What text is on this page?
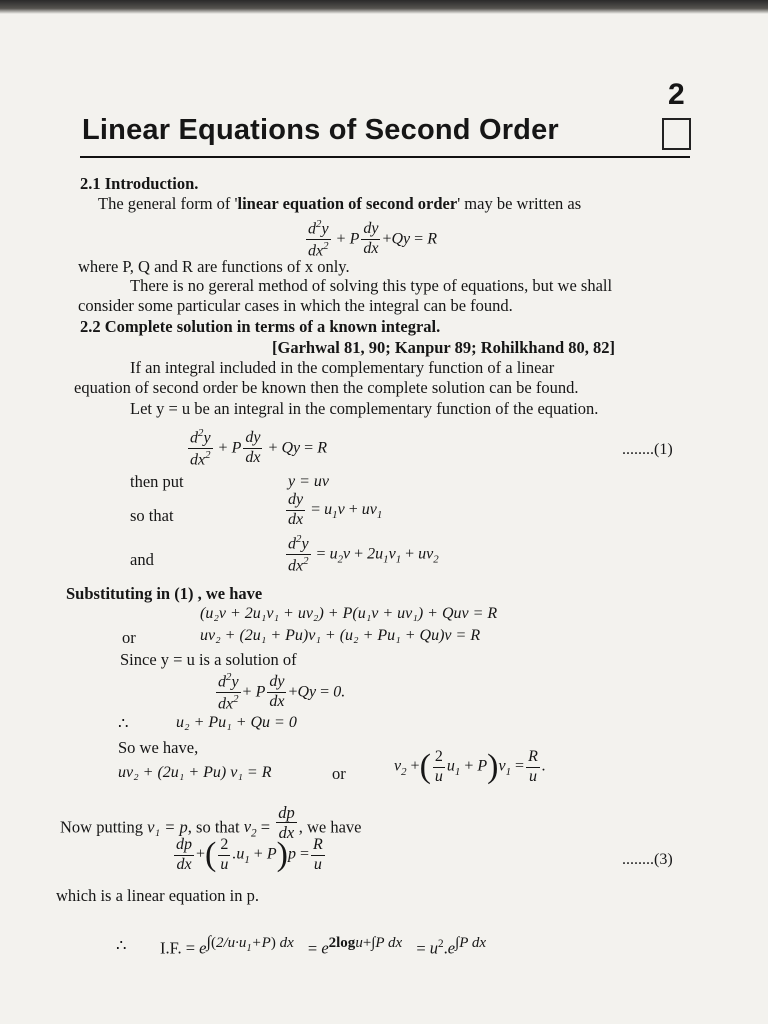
2
Linear Equations of Second Order
2.1 Introduction.
The general form of 'linear equation of second order' may be written as
$\frac{d^2y}{dx^2} + P \frac{dy}{dx} +Qy = R$
where P, Q and R are functions of x only.
There is no gereral method of solving this type of equations, but we shall
consider some particular cases in which the integral can be found.
2.2 Complete solution in terms of a known integral.
[Garhwal 81, 90; Kanpur 89; Rohilkhand 80, 82]
If an integral included in the complementary function of a linear
equation of second order be known then the complete solution can be found.
Let y = u be an integral in the complementary function of the equation.
$\frac{d^2y}{dx^2} + P \frac{dy}{dx} + Qy = R$	........(1)
then put	y = uv
so that	$\frac{dy}{dx} = u_1v + uv_1$
and	$\frac{d^2y}{dx^2} = u_2v + 2u_1v_1 + uv_2$
Substituting in (1) , we have
(u₂v + 2u₁v₁ + uv₂) + P(u₁v + uv₁) + Quv = R
or	uv₂ + (2u₁ + Pu)v₁ + (u₂ + Pu₁ + Qu)v = R
Since y = u is a solution of
$\frac{d^2y}{dx^2} + P \frac{dy}{dx} +Qy = 0$.
∴	u₂ + Pu₁ + Qu = 0
So we have,
uv₂ + (2u₁ + Pu) v₁ = R	or	$v_2$ +( $\frac{2}{u} u_1 + P)v_1 = \frac{R}{u}$ .
Now putting v₁ = p, so that $v_2 = \frac{dp}{dx}$ , we have
$\frac{dp}{dx}$ +( $\frac{2}{u} .u_1 + P)p = \frac{R}{u}$	........(3)
which is a linear equation in p.
∴ I.F. = $e^{\int(2/u\cdot u_1+P) dx} = e^{2logu+\int P dx} = u^2.e^{\int P dx}$
